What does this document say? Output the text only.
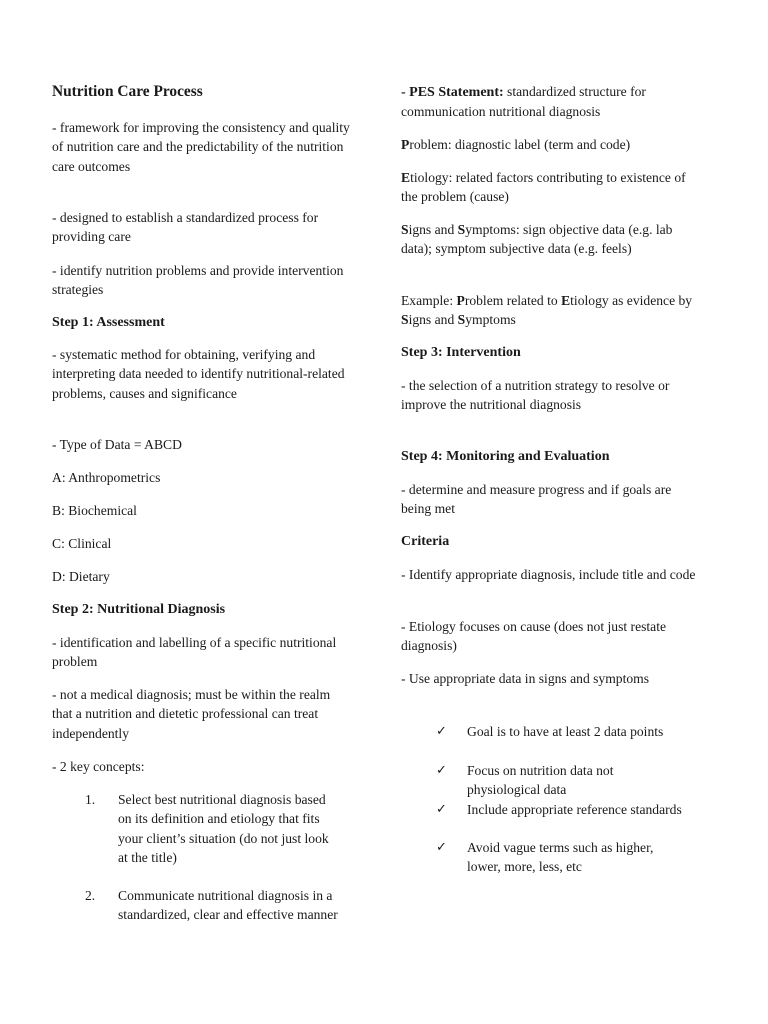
Nutrition Care Process

- framework for improving the consistency and quality of nutrition care and the predictability of the nutrition care outcomes

- designed to establish a standardized process for providing care

- identify nutrition problems and provide intervention strategies

Step 1: Assessment

- systematic method for obtaining, verifying and interpreting data needed to identify nutritional-related problems, causes and significance

- Type of Data = ABCD

A: Anthropometrics

B: Biochemical

C: Clinical

D: Dietary

Step 2: Nutritional Diagnosis

- identification and labelling of a specific nutritional problem

- not a medical diagnosis; must be within the realm that a nutrition and dietetic professional can treat independently

- 2 key concepts:

1. Select best nutritional diagnosis based on its definition and etiology that fits your client’s situation (do not just look at the title)
2. Communicate nutritional diagnosis in a standardized, clear and effective manner

- PES Statement: standardized structure for communication nutritional diagnosis

Problem: diagnostic label (term and code)

Etiology: related factors contributing to existence of the problem (cause)

Signs and Symptoms: sign objective data (e.g. lab data); symptom subjective data (e.g. feels)

Example: Problem related to Etiology as evidence by Signs and Symptoms

Step 3: Intervention

- the selection of a nutrition strategy to resolve or improve the nutritional diagnosis

Step 4: Monitoring and Evaluation

- determine and measure progress and if goals are being met

Criteria

- Identify appropriate diagnosis, include title and code

- Etiology focuses on cause (does not just restate diagnosis)

- Use appropriate data in signs and symptoms

✓ Goal is to have at least 2 data points
✓ Focus on nutrition data not physiological data
✓ Include appropriate reference standards
✓ Avoid vague terms such as higher, lower, more, less, etc
